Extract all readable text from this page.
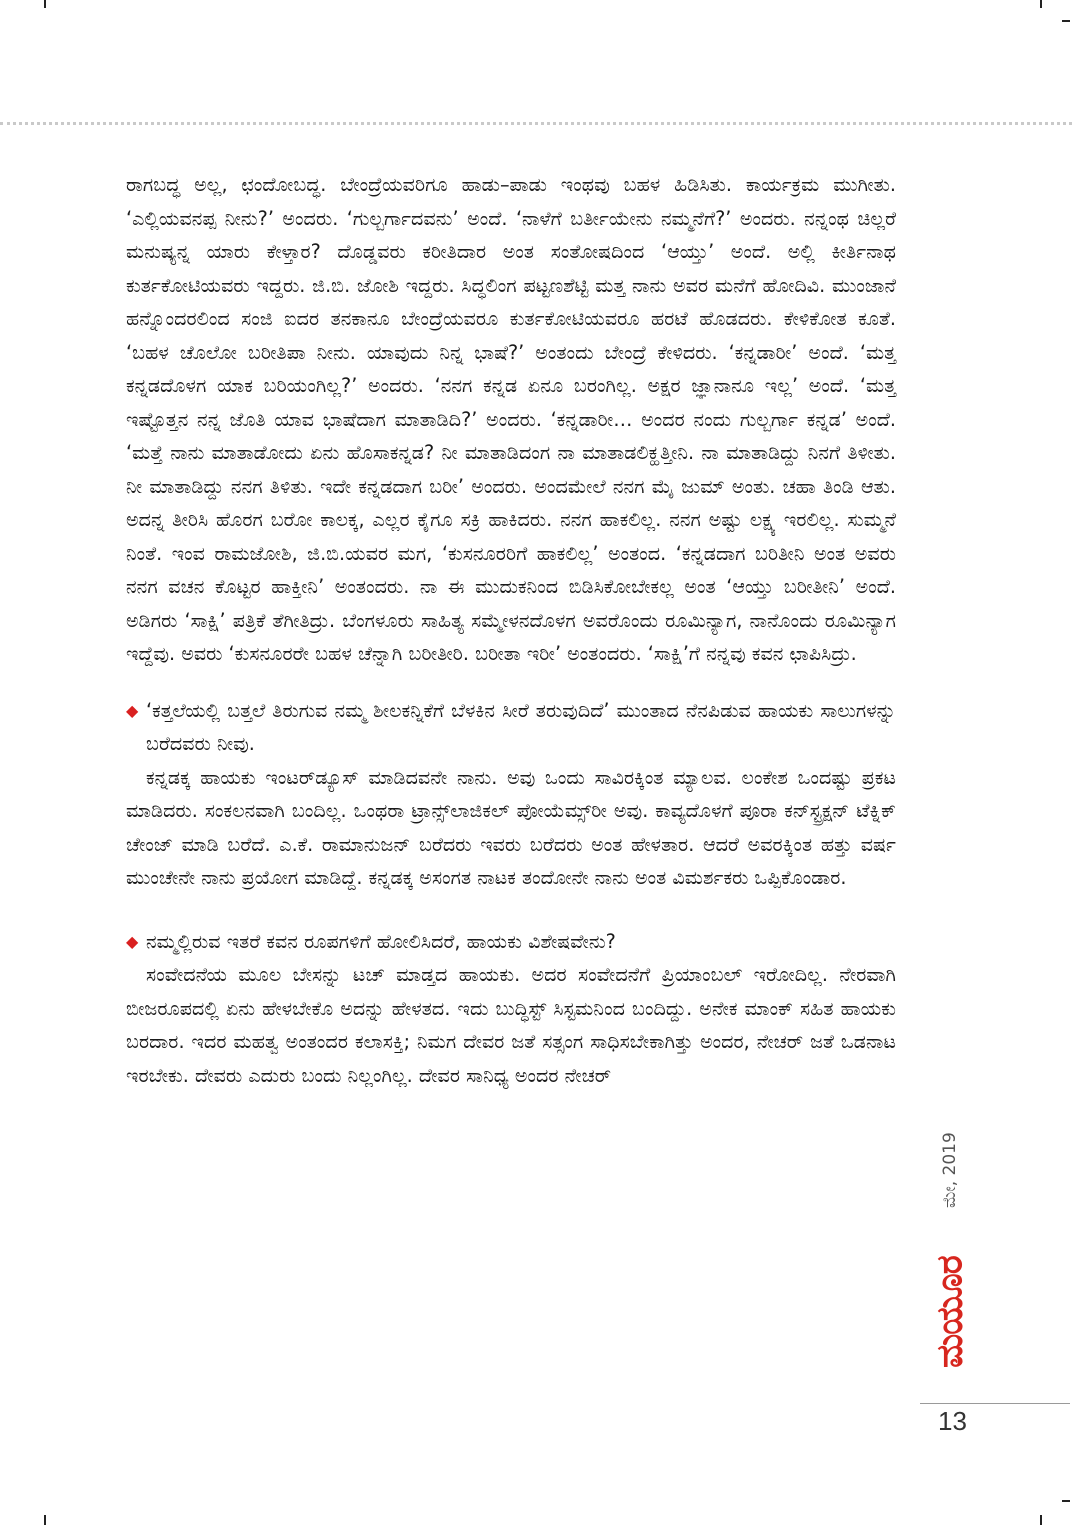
ರಾಗಬದ್ಧ ಅಲ್ಲ, ಛಂದೋಬದ್ಧ. ಬೇಂದ್ರೆಯವರಿಗೂ ಹಾಡು–ಪಾಡು ಇಂಥವು ಬಹಳ ಹಿಡಿಸಿತು. ಕಾರ್ಯಕ್ರಮ ಮುಗೀತು. ‘ಎಲ್ಲಿಯವನಪ್ಪ ನೀನು?’ ಅಂದರು. ‘ಗುಲ್ಬರ್ಗಾದವನು’ ಅಂದೆ. ‘ನಾಳೆಗೆ ಬರ್ತೀಯೇನು ನಮ್ಮನೆಗೆ?’ ಅಂದರು. ನನ್ನಂಥ ಚಿಲ್ಲರೆ ಮನುಷ್ಯನ್ನ ಯಾರು ಕೇಳ್ತಾರ? ದೊಡ್ಡವರು ಕರೀತಿದಾರ ಅಂತ ಸಂತೋಷದಿಂದ ‘ಆಯ್ತು’ ಅಂದೆ. ಅಲ್ಲಿ ಕೀರ್ತಿನಾಥ ಕುರ್ತಕೋಟಿಯವರು ಇದ್ದರು. ಜಿ.ಬಿ. ಜೋಶಿ ಇದ್ದರು. ಸಿದ್ಧಲಿಂಗ ಪಟ್ಟಣಶೆಟ್ಟಿ ಮತ್ತ ನಾನು ಅವರ ಮನೆಗೆ ಹೋದಿವಿ. ಮುಂಜಾನೆ ಹನ್ನೊಂದರಲಿಂದ ಸಂಜಿ ಐದರ ತನಕಾನೂ ಬೇಂದ್ರೆಯವರೂ ಕುರ್ತಕೋಟಿಯವರೂ ಹರಟೆ ಹೊಡದರು. ಕೇಳಿಕೋತ ಕೂತೆ. ‘ಬಹಳ ಚೊಲೋ ಬರೀತಿಪಾ ನೀನು. ಯಾವುದು ನಿನ್ನ ಭಾಷೆ?’ ಅಂತಂದು ಬೇಂದ್ರೆ ಕೇಳಿದರು. ‘ಕನ್ನಡಾರೀ’ ಅಂದೆ. ‘ಮತ್ತ ಕನ್ನಡದೊಳಗ ಯಾಕ ಬರಿಯಂಗಿಲ್ಲ?’ ಅಂದರು. ‘ನನಗ ಕನ್ನಡ ಏನೂ ಬರಂಗಿಲ್ಲ. ಅಕ್ಷರ ಜ್ಞಾನಾನೂ ಇಲ್ಲ’ ಅಂದೆ. ‘ಮತ್ತ ಇಷ್ಟೊತ್ತನ ನನ್ನ ಜೊತಿ ಯಾವ ಭಾಷೆದಾಗ ಮಾತಾಡಿದಿ?’ ಅಂದರು. ‘ಕನ್ನಡಾರೀ… ಅಂದರ ನಂದು ಗುಲ್ಬರ್ಗಾ ಕನ್ನಡ’ ಅಂದೆ. ‘ಮತ್ತೆ ನಾನು ಮಾತಾಡೋದು ಏನು ಹೊಸಾಕನ್ನಡ? ನೀ ಮಾತಾಡಿದಂಗ ನಾ ಮಾತಾಡಲಿಕ್ಹತ್ತೀನಿ. ನಾ ಮಾತಾಡಿದ್ದು ನಿನಗೆ ತಿಳೀತು. ನೀ ಮಾತಾಡಿದ್ದು ನನಗ ತಿಳಿತು. ಇದೇ ಕನ್ನಡದಾಗ ಬರೀ’ ಅಂದರು. ಅಂದಮೇಲೆ ನನಗ ಮೈ ಜುಮ್ ಅಂತು. ಚಹಾ ತಿಂಡಿ ಆತು. ಅದನ್ನ ತೀರಿಸಿ ಹೊರಗ ಬರೋ ಕಾಲಕ್ಕ, ಎಲ್ಲರ ಕೈಗೂ ಸಕ್ರಿ ಹಾಕಿದರು. ನನಗ ಹಾಕಲಿಲ್ಲ. ನನಗ ಅಷ್ಟು ಲಕ್ಷ್ಯ ಇರಲಿಲ್ಲ. ಸುಮ್ಮನೆ ನಿಂತೆ. ಇಂವ ರಾಮಜೋಶಿ, ಜಿ.ಬಿ.ಯವರ ಮಗ, ‘ಕುಸನೂರರಿಗೆ ಹಾಕಲಿಲ್ಲ’ ಅಂತಂದ. ‘ಕನ್ನಡದಾಗ ಬರಿತೀನಿ ಅಂತ ಅವರು ನನಗ ವಚನ ಕೊಟ್ಟರ ಹಾಕ್ತೀನಿ’ ಅಂತಂದರು. ನಾ ಈ ಮುದುಕನಿಂದ ಬಿಡಿಸಿಕೋಬೇಕಲ್ಲ ಅಂತ ‘ಆಯ್ತು ಬರೀತೀನಿ’ ಅಂದೆ. ಅಡಿಗರು ‘ಸಾಕ್ಷಿ’ ಪತ್ರಿಕೆ ತೆಗೀತಿದ್ರು. ಬೆಂಗಳೂರು ಸಾಹಿತ್ಯ ಸಮ್ಮೇಳನದೊಳಗ ಅವರೊಂದು ರೂಮಿನ್ಯಾಗ, ನಾನೊಂದು ರೂಮಿನ್ಯಾಗ ಇದ್ದೆವು. ಅವರು ‘ಕುಸನೂರರೇ ಬಹಳ ಚೆನ್ನಾಗಿ ಬರೀತೀರಿ. ಬರೀತಾ ಇರೀ’ ಅಂತಂದರು. ‘ಸಾಕ್ಷಿ’ಗೆ ನನ್ನವು ಕವನ ಛಾಪಿಸಿದ್ರು.

◆ ‘ಕತ್ತಲೆಯಲ್ಲಿ ಬತ್ತಲೆ ತಿರುಗುವ ನಮ್ಮ ಶೀಲಕನ್ನಿಕೆಗೆ ಬೆಳಕಿನ ಸೀರೆ ತರುವುದಿದೆ’ ಮುಂತಾದ ನೆನಪಿಡುವ ಹಾಯಕು ಸಾಲುಗಳನ್ನು ಬರೆದವರು ನೀವು.

ಕನ್ನಡಕ್ಕ ಹಾಯಕು ಇಂಟರ್‌ಡ್ಯೂಸ್ ಮಾಡಿದವನೇ ನಾನು. ಅವು ಒಂದು ಸಾವಿರಕ್ಕಿಂತ ಮ್ಯಾಲವ. ಲಂಕೇಶ ಒಂದಷ್ಟು ಪ್ರಕಟ ಮಾಡಿದರು. ಸಂಕಲನವಾಗಿ ಬಂದಿಲ್ಲ. ಒಂಥರಾ ಟ್ರಾನ್ಸ್‌ಲಾಜಿಕಲ್ ಪೋಯೆಮ್ಸ್‌ರೀ ಅವು. ಕಾವ್ಯದೊಳಗೆ ಪೂರಾ ಕನ್‌ಸ್ಟ್ರಕ್ಷನ್ ಟೆಕ್ನಿಕ್ ಚೇಂಜ್ ಮಾಡಿ ಬರೆದೆ. ಎ.ಕೆ. ರಾಮಾನುಜನ್ ಬರೆದರು ಇವರು ಬರೆದರು ಅಂತ ಹೇಳತಾರ. ಆದರೆ ಅವರಕ್ಕಿಂತ ಹತ್ತು ವರ್ಷ ಮುಂಚೇನೇ ನಾನು ಪ್ರಯೋಗ ಮಾಡಿದ್ದೆ. ಕನ್ನಡಕ್ಕ ಅಸಂಗತ ನಾಟಕ ತಂದೋನೇ ನಾನು ಅಂತ ವಿಮರ್ಶಕರು ಒಪ್ಪಿಕೊಂಡಾರ.

◆ ನಮ್ಮಲ್ಲಿರುವ ಇತರೆ ಕವನ ರೂಪಗಳಿಗೆ ಹೋಲಿಸಿದರೆ, ಹಾಯಕು ವಿಶೇಷವೇನು?

ಸಂವೇದನೆಯ ಮೂಲ ಬೇಸನ್ನು ಟಚ್ ಮಾಡ್ತದ ಹಾಯಕು. ಅದರ ಸಂವೇದನೆಗೆ ಪ್ರಿಯಾಂಬಲ್ ಇರೋದಿಲ್ಲ. ನೇರವಾಗಿ ಬೀಜರೂಪದಲ್ಲಿ ಏನು ಹೇಳಬೇಕೊ ಅದನ್ನು ಹೇಳತದ. ಇದು ಬುದ್ಧಿಸ್ಟ್ ಸಿಸ್ಟಮನಿಂದ ಬಂದಿದ್ದು. ಅನೇಕ ಮಾಂಕ್ ಸಹಿತ ಹಾಯಕು ಬರದಾರ. ಇದರ ಮಹತ್ವ ಅಂತಂದರ ಕಲಾಸಕ್ತಿ; ನಿಮಗ ದೇವರ ಜತೆ ಸತ್ಸಂಗ ಸಾಧಿಸಬೇಕಾಗಿತ್ತು ಅಂದರ, ನೇಚರ್ ಜತೆ ಒಡನಾಟ ಇರಬೇಕು. ದೇವರು ಎದುರು ಬಂದು ನಿಲ್ಲಂಗಿಲ್ಲ. ದೇವರ ಸಾನಿಧ್ಯ ಅಂದರ ನೇಚರ್

ಮೇ, 2019
ಮಯೂರ
13
